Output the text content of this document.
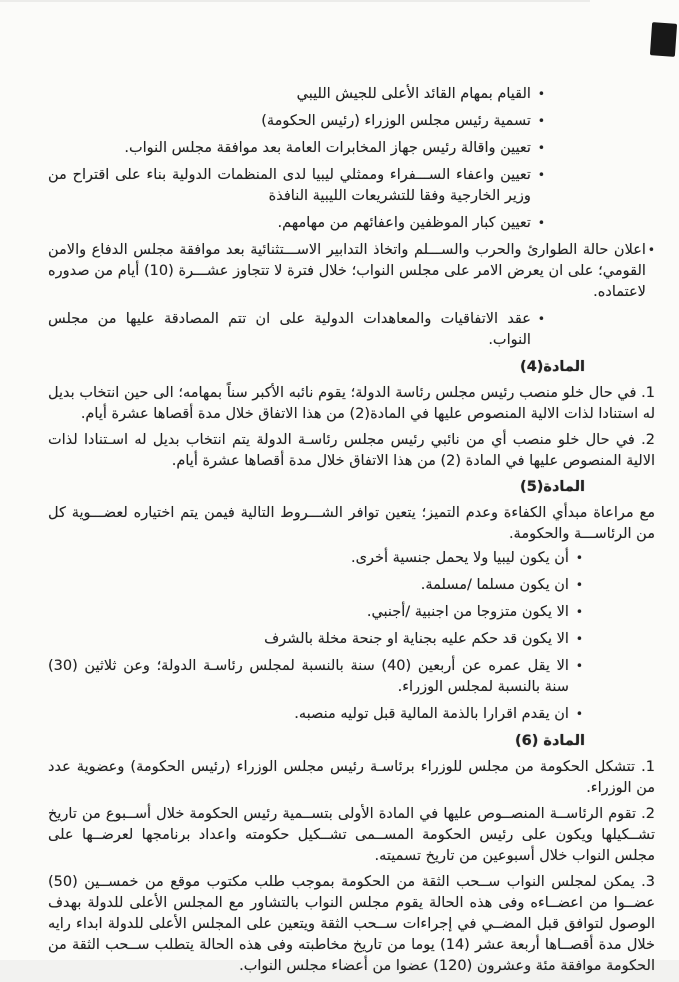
•
القيام بمهام القائد الأعلى للجيش الليبي
•
تسمية رئيس مجلس الوزراء (رئيس الحكومة)
•
تعيين واقالة رئيس جهاز المخابرات العامة بعد موافقة مجلس النواب.
•
تعيين واعفاء الســـفراء وممثلي ليبيا لدى المنظمات الدولية بناء على اقتراح من وزير الخارجية وفقا للتشريعات الليبية النافذة
•
تعيين كبار الموظفين واعفائهم من مهامهم.
•
اعلان حالة الطوارئ والحرب والســـلم واتخاذ التدابير الاســـتثنائية بعد موافقة مجلس الدفاع والامن القومي؛ على ان يعرض الامر على مجلس النواب؛ خلال فترة لا تتجاوز عشـــرة (10) أيام من صدوره لاعتماده.
•
عقد الاتفاقيات والمعاهدات الدولية على ان تتم المصادقة عليها من مجلس النواب.
المادة(4)
1. في حال خلو منصب رئيس مجلس رئاسة الدولة؛ يقوم نائبه الأكبر سناً بمهامه؛ الى حين انتخاب بديل له استنادا لذات الالية المنصوص عليها في المادة(2) من هذا الاتفاق خلال مدة أقصاها عشرة أيام.
2. في حال خلو منصب أي من نائبي رئيس مجلس رئاسـة الدولة يتم انتخاب بديل له اسـتنادا لذات الالية المنصوص عليها في المادة (2) من هذا الاتفاق خلال مدة أقصاها عشرة أيام.
المادة(5)
مع مراعاة مبدأي الكفاءة وعدم التميز؛ يتعين توافر الشـــروط التالية فيمن يتم اختياره لعضـــوية كل من الرئاســـة والحكومة.
•
أن يكون ليبيا ولا يحمل جنسية أخرى.
•
ان يكون مسلما /مسلمة.
•
الا يكون متزوجا من اجنبية /أجنبي.
•
الا يكون قد حكم عليه بجناية او جنحة مخلة بالشرف
•
الا يقل عمره عن أربعين (40) سنة بالنسبة لمجلس رئاسـة الدولة؛ وعن ثلاثين (30) سنة بالنسبة لمجلس الوزراء.
•
ان يقدم اقرارا بالذمة المالية قبل توليه منصبه.
المادة (6)
1. تتشكل الحكومة من مجلس للوزراء برئاسـة رئيس مجلس الوزراء (رئيس الحكومة) وعضوية عدد من الوزراء.
2. تقوم الرئاســة المنصــوص عليها في المادة الأولى بتســمية رئيس الحكومة خلال أســبوع من تاريخ تشــكيلها ويكون على رئيس الحكومة المســمى تشــكيل حكومته واعداد برنامجها لعرضــها على مجلس النواب خلال أسبوعين من تاريخ تسميته.
3. يمكن لمجلس النواب ســحب الثقة من الحكومة بموجب طلب مكتوب موقع من خمســين (50) عضــوا من اعضــاءه وفى هذه الحالة يقوم مجلس النواب بالتشاور مع المجلس الأعلى للدولة بهدف الوصول لتوافق قبل المضــي في إجراءات ســحب الثقة ويتعين على المجلس الأعلى للدولة ابداء رايه خلال مدة أقصــاها أربعة عشر (14) يوما من تاريخ مخاطبته وفى هذه الحالة يتطلب ســحب الثقة من الحكومة موافقة مئة وعشرون (120) عضوا من أعضاء مجلس النواب.
